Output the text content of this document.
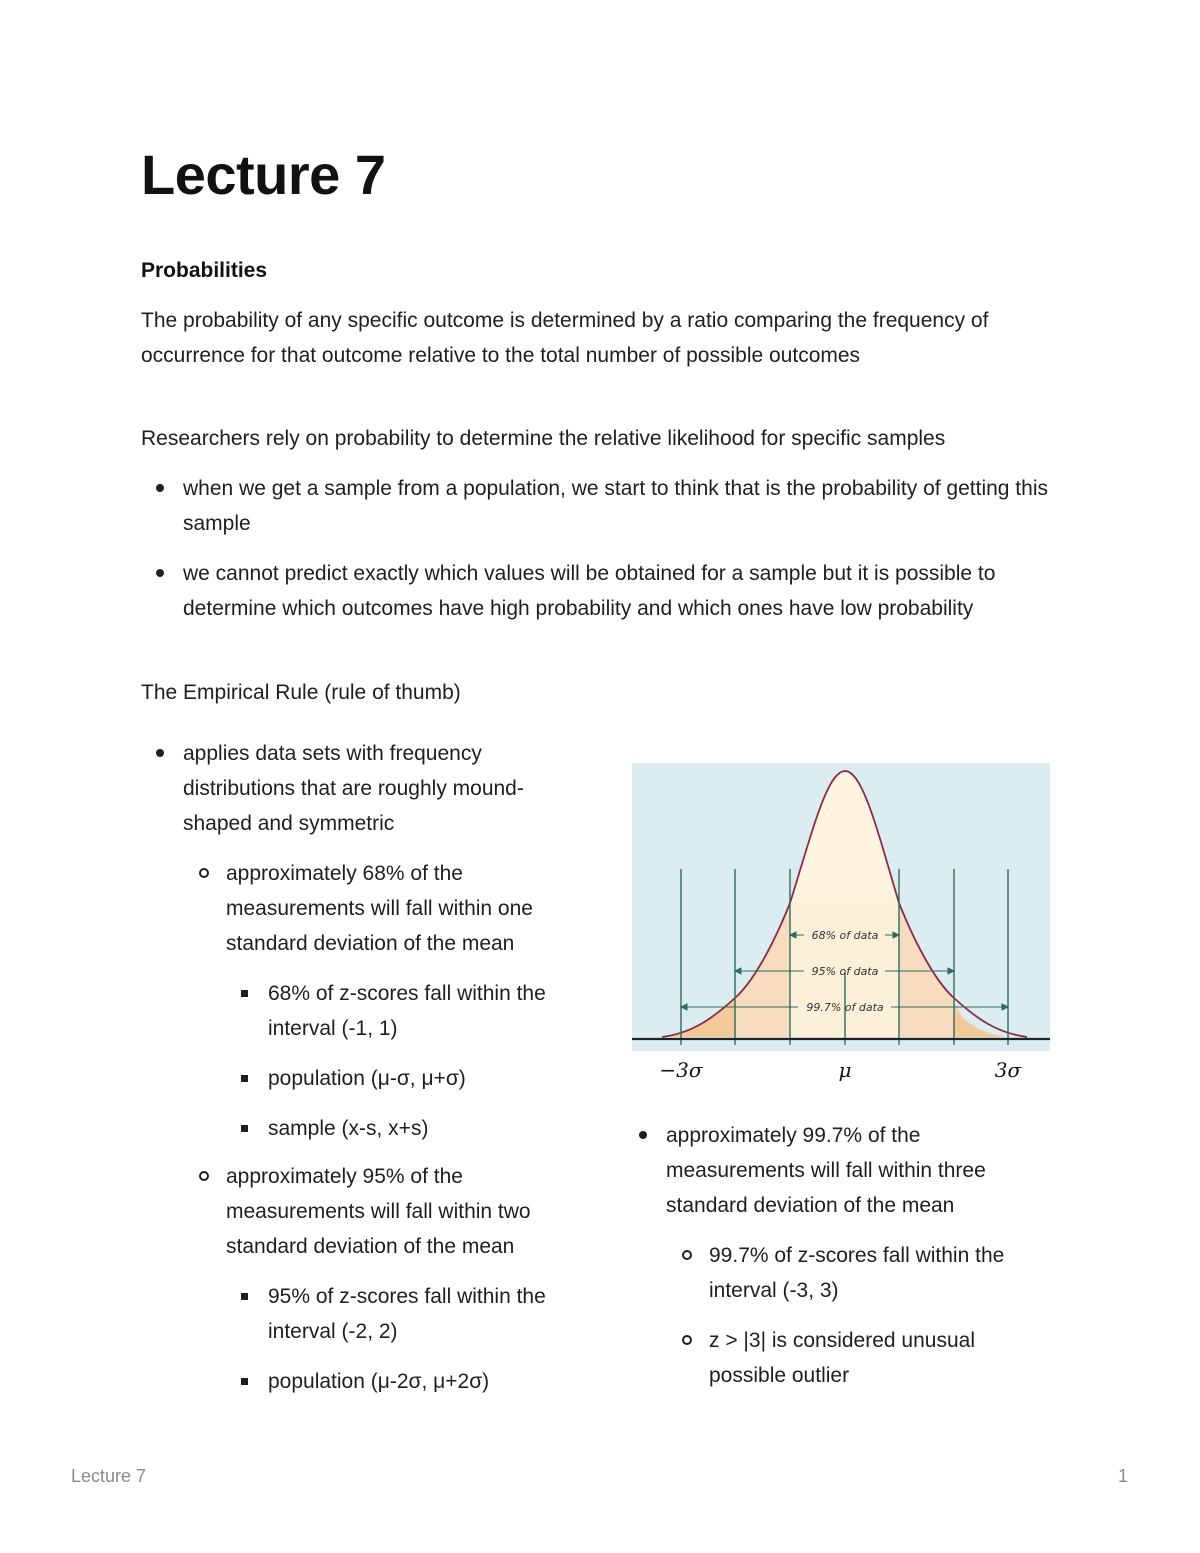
Lecture 7
Probabilities

The probability of any specific outcome is determined by a ratio comparing the frequency of occurrence for that outcome relative to the total number of possible outcomes

Researchers rely on probability to determine the relative likelihood for specific samples

when we get a sample from a population, we start to think that is the probability of getting this sample
we cannot predict exactly which values will be obtained for a sample but it is possible to determine which outcomes have high probability and which ones have low probability

The Empirical Rule (rule of thumb)

applies data sets with frequency distributions that are roughly mound-shaped and symmetric
approximately 68% of the measurements will fall within one standard deviation of the mean
68% of z-scores fall within the interval (-1, 1)
population (μ-σ, μ+σ)
sample (x-s, x+s)
approximately 95% of the measurements will fall within two standard deviation of the mean
95% of z-scores fall within the interval (-2, 2)
population (μ-2σ, μ+2σ)
68% of data
95% of data
99.7% of data
−3σ	μ	3σ
approximately 99.7% of the measurements will fall within three standard deviation of the mean
99.7% of z-scores fall within the interval (-3, 3)
z > |3| is considered unusual possible outlier
Lecture 7	1
